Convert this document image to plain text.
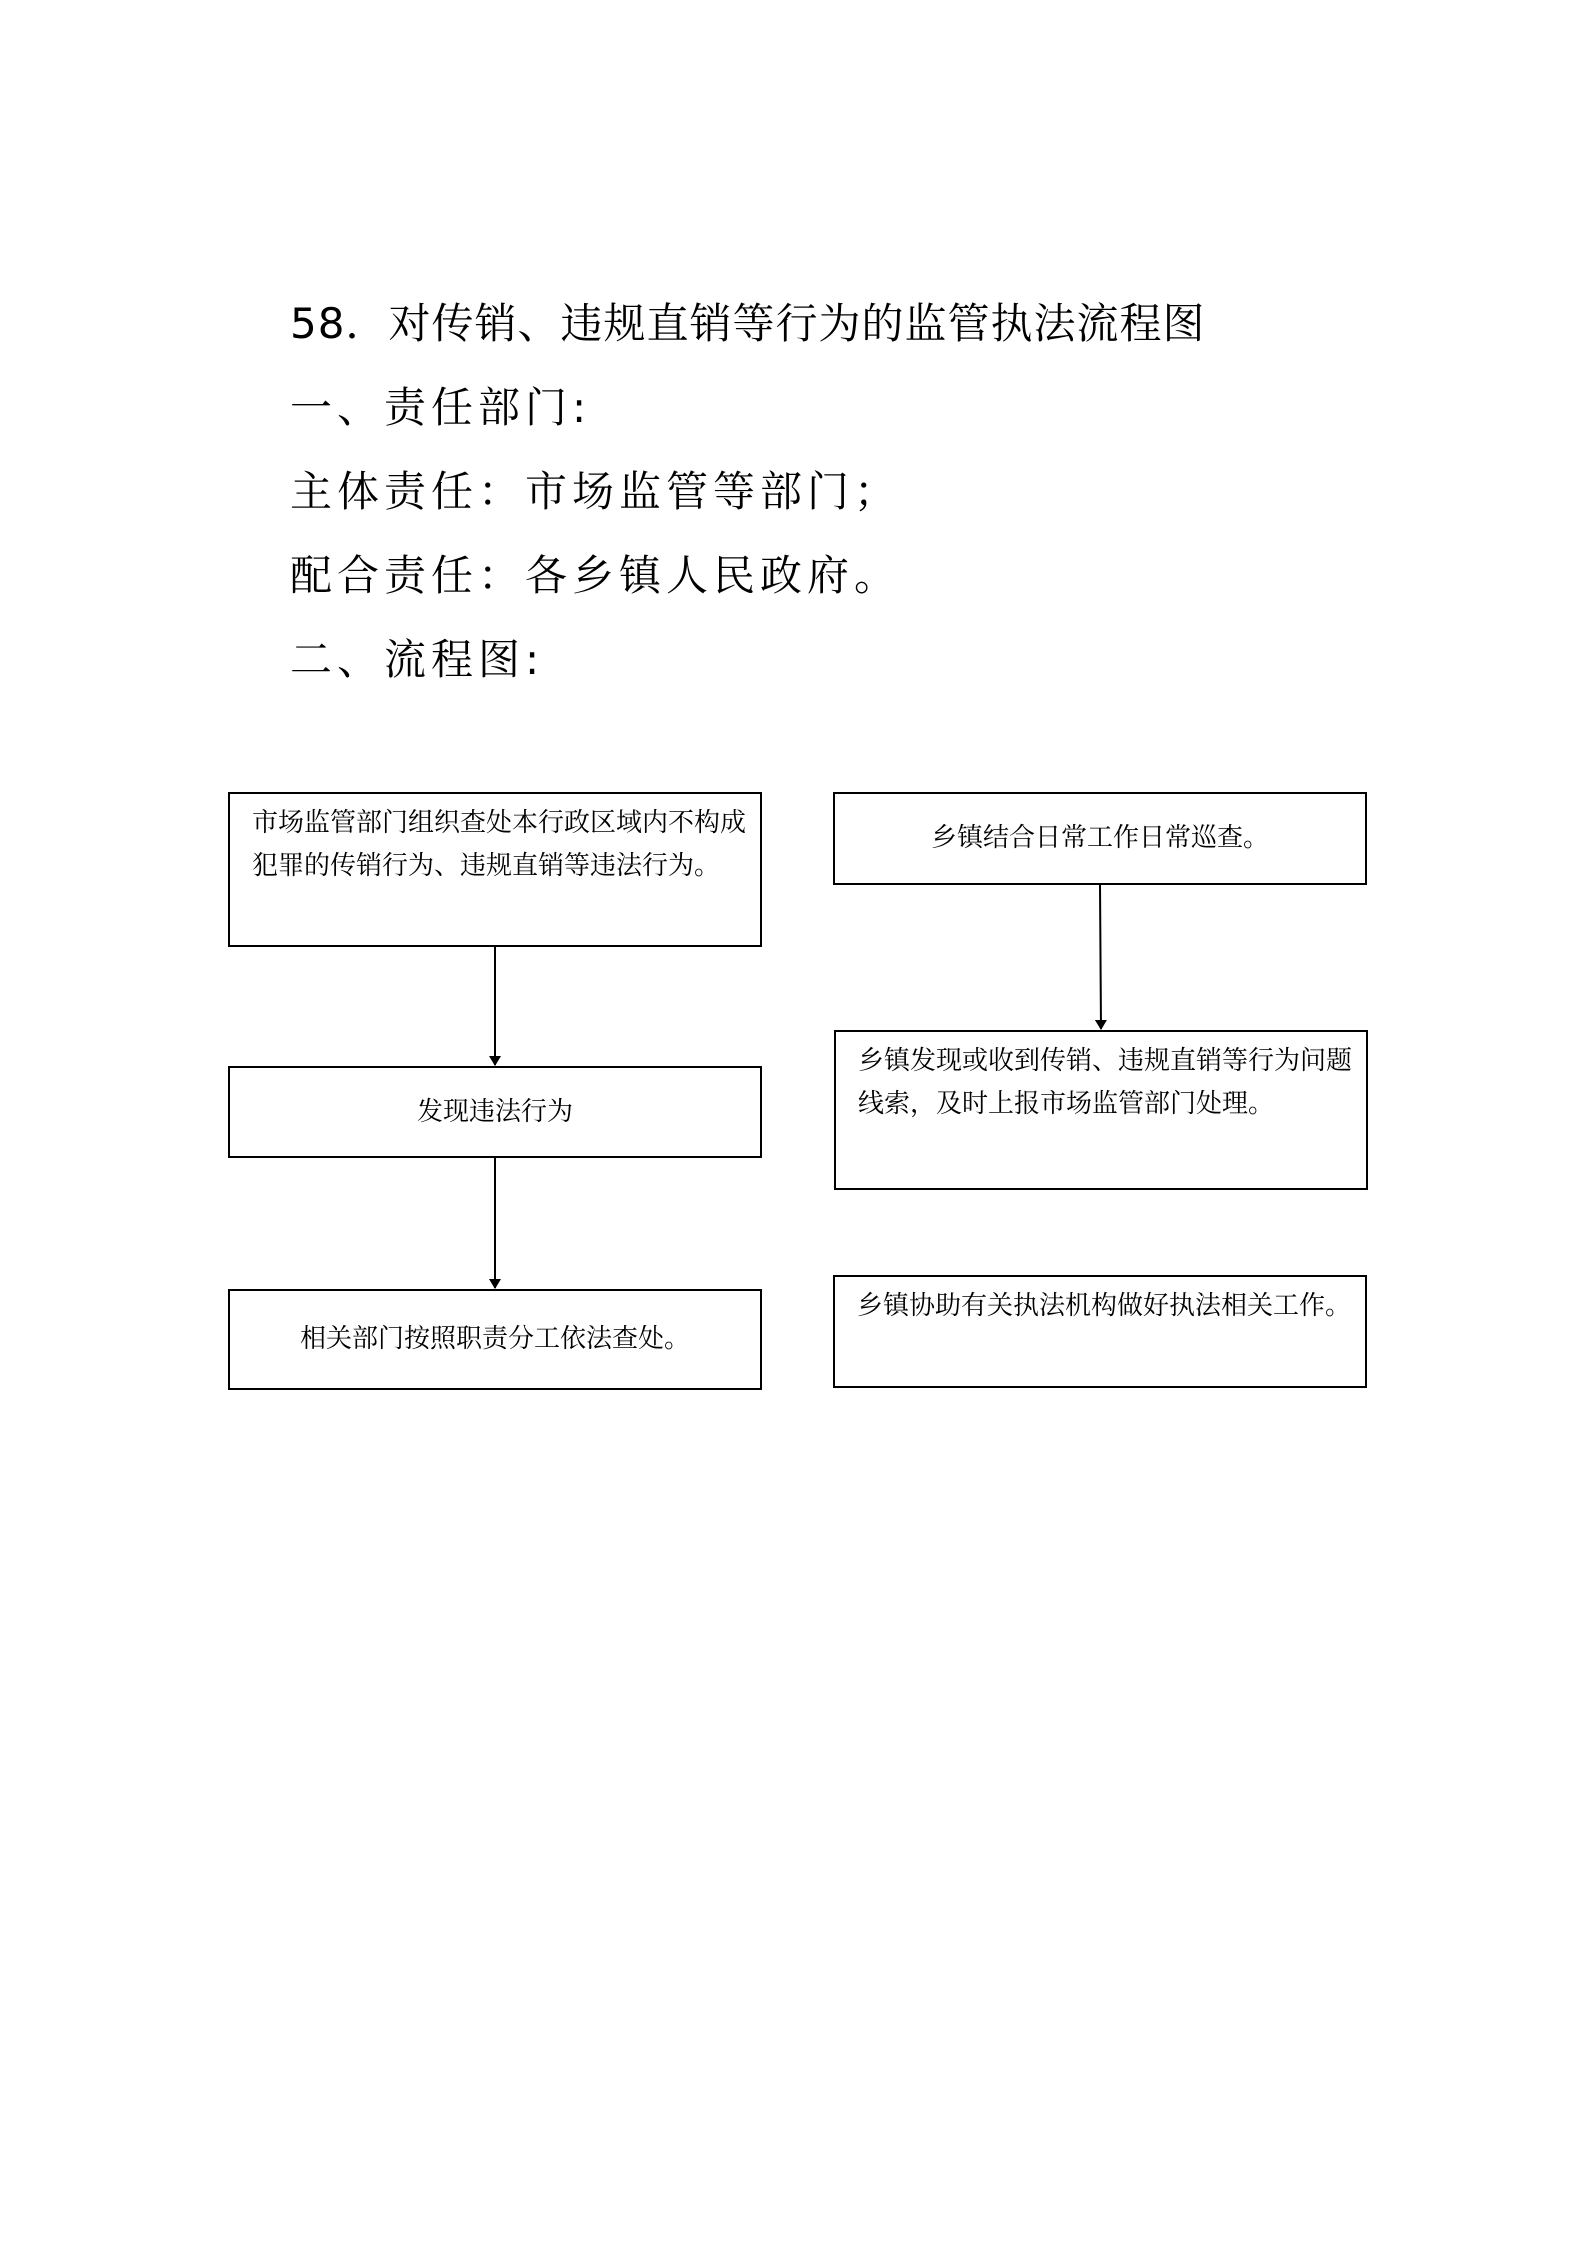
58．对传销、违规直销等行为的监管执法流程图
一、责任部门:
主体责任：市场监管等部门；
配合责任：各乡镇人民政府。
二、流程图:
市场监管部门组织查处本行政区域内不构成犯罪的传销行为、违规直销等违法行为。
发现违法行为
相关部门按照职责分工依法查处。
乡镇结合日常工作日常巡查。
乡镇发现或收到传销、违规直销等行为问题线索，及时上报市场监管部门处理。
乡镇协助有关执法机构做好执法相关工作。
